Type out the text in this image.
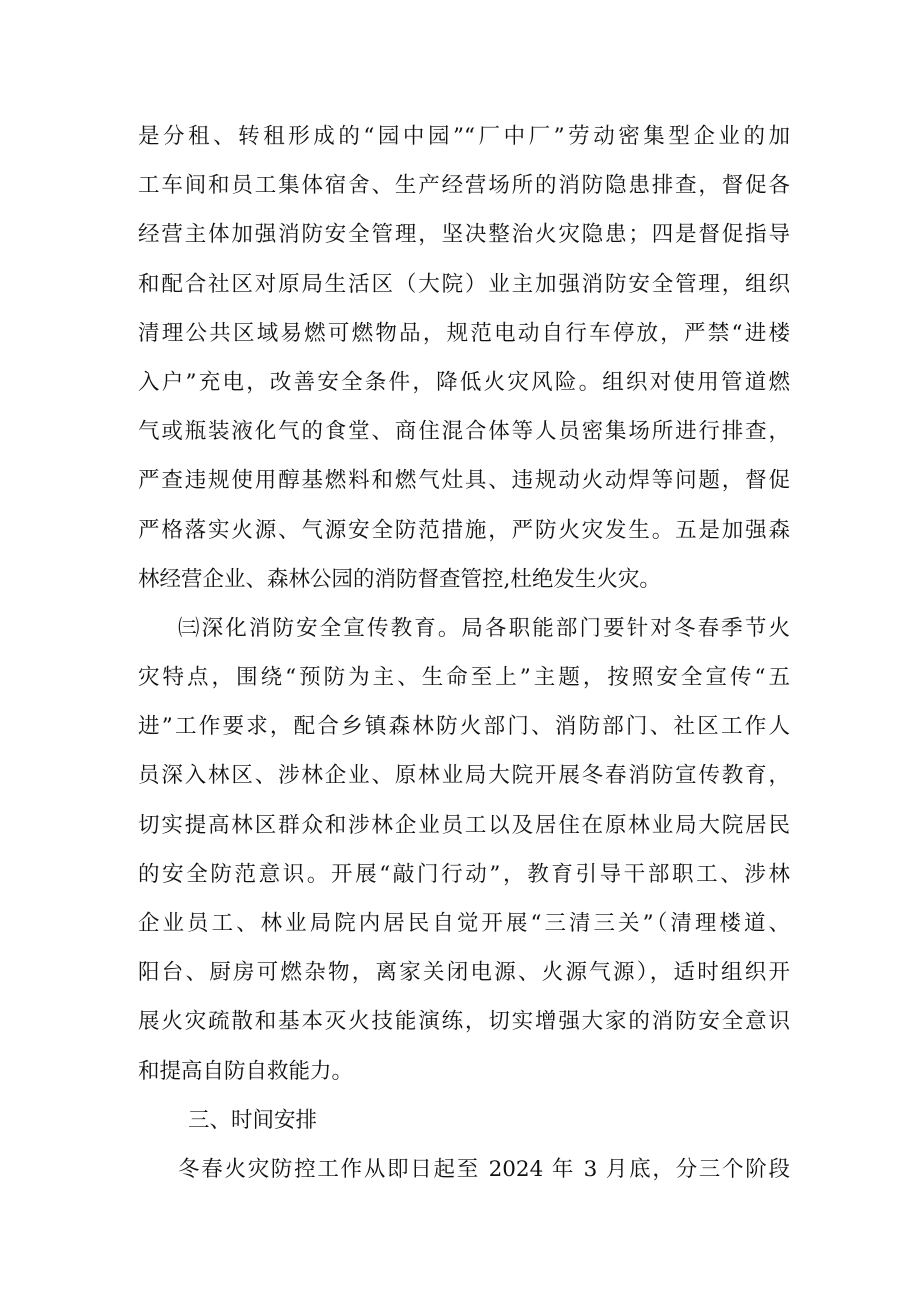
是分租、转租形成的“园中园”“厂中厂”劳动密集型企业的加
工车间和员工集体宿舍、生产经营场所的消防隐患排查，督促各
经营主体加强消防安全管理，坚决整治火灾隐患；四是督促指导
和配合社区对原局生活区（大院）业主加强消防安全管理，组织
清理公共区域易燃可燃物品，规范电动自行车停放，严禁“进楼
入户”充电，改善安全条件，降低火灾风险。组织对使用管道燃
气或瓶装液化气的食堂、商住混合体等人员密集场所进行排查，
严查违规使用醇基燃料和燃气灶具、违规动火动焊等问题，督促
严格落实火源、气源安全防范措施，严防火灾发生。五是加强森
林经营企业、森林公园的消防督查管控,杜绝发生火灾。
㈢深化消防安全宣传教育。局各职能部门要针对冬春季节火
灾特点，围绕“预防为主、生命至上”主题，按照安全宣传“五
进”工作要求，配合乡镇森林防火部门、消防部门、社区工作人
员深入林区、涉林企业、原林业局大院开展冬春消防宣传教育，
切实提高林区群众和涉林企业员工以及居住在原林业局大院居民
的安全防范意识。开展“敲门行动”，教育引导干部职工、涉林
企业员工、林业局院内居民自觉开展“三清三关”（清理楼道、
阳台、厨房可燃杂物，离家关闭电源、火源气源），适时组织开
展火灾疏散和基本灭火技能演练，切实增强大家的消防安全意识
和提高自防自救能力。
三、时间安排
冬春火灾防控工作从即日起至 2024 年 3 月底，分三个阶段
